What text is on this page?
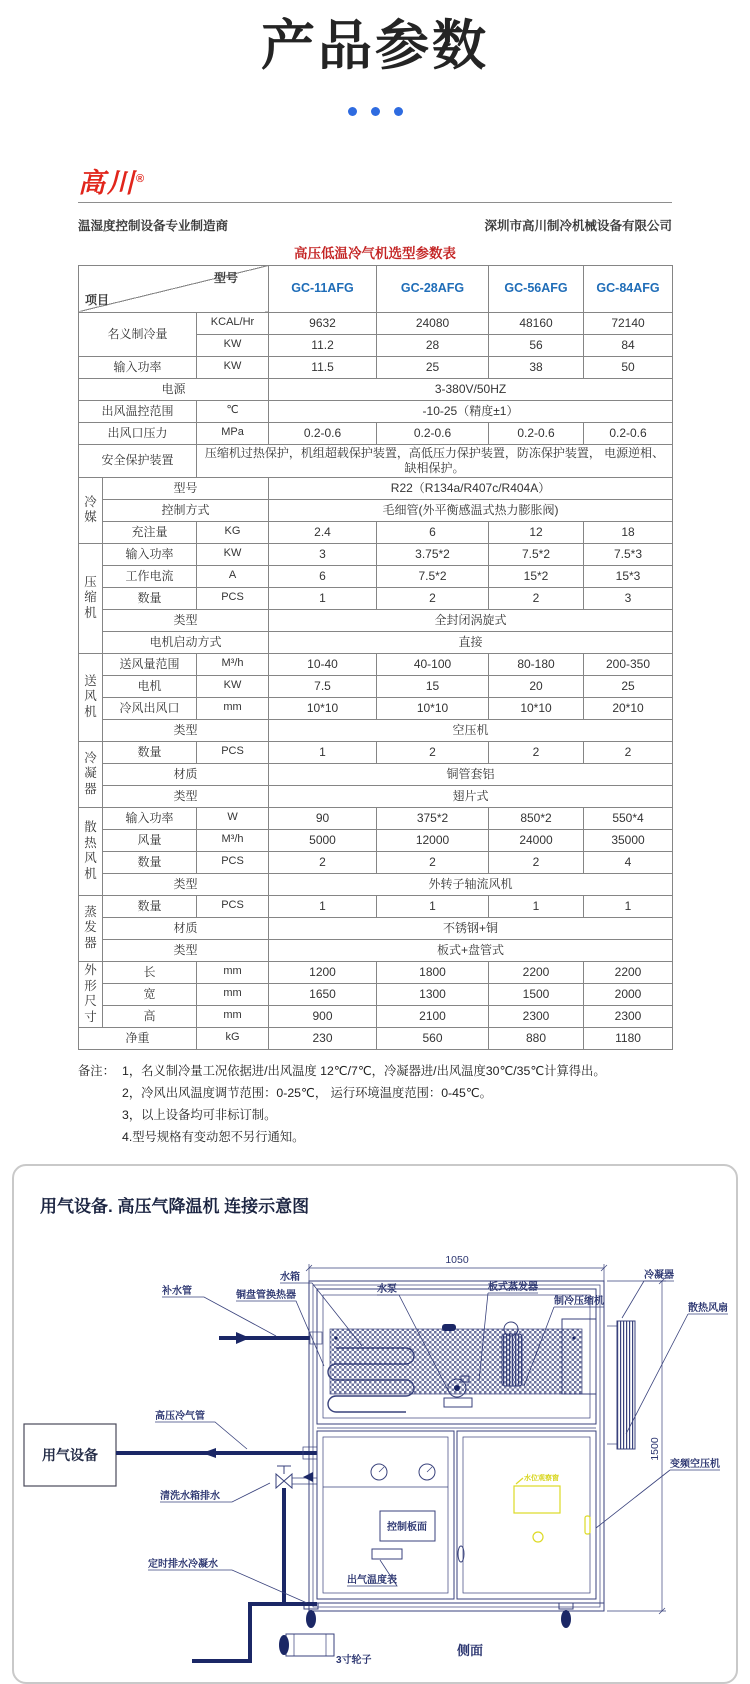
产品参数
高川®
温湿度控制设备专业制造商	深圳市高川制冷机械设备有限公司
高压低温冷气机选型参数表
型号
项目			GC-11AFG	GC-28AFG	GC-56AFG	GC-84AFG
名义制冷量		KCAL/Hr	9632	24080	48160	72140
		KW	11.2	28	56	84
输入功率		KW	11.5	25	38	50
电源			3-380V/50HZ			
出风温控范围		℃	-10-25（精度±1）			
出风口压力		MPa	0.2-0.6	0.2-0.6	0.2-0.6	0.2-0.6
安全保护装置		压缩机过热保护，机组超载保护装置，高低压力保护装置，防冻保护装置， 电源逆相、缺相保护。				
冷媒	型号		R22（R134a/R407c/R404A）			
	控制方式		毛细管(外平衡感温式热力膨胀阀)			
	充注量	KG	2.4	6	12	18
压缩机	输入功率	KW	3	3.75*2	7.5*2	7.5*3
	工作电流	A	6	7.5*2	15*2	15*3
	数量	PCS	1	2	2	3
	类型		全封闭涡旋式			
	电机启动方式		直接			
送风机	送风量范围	M³/h	10-40	40-100	80-180	200-350
	电机	KW	7.5	15	20	25
	冷风出风口	mm	10*10	10*10	10*10	20*10
	类型		空压机			
冷凝器	数量	PCS	1	2	2	2
	材质		铜管套铝			
	类型		翅片式			
散热风机	输入功率	W	90	375*2	850*2	550*4
	风量	M³/h	5000	12000	24000	35000
	数量	PCS	2	2	2	4
	类型		外转子轴流风机			
蒸发器	数量	PCS	1	1	1	1
	材质		不锈钢+铜			
	类型		板式+盘管式			
外形尺寸	长	mm	1200	1800	2200	2200
	宽	mm	1650	1300	1500	2000
	高	mm	900	2100	2300	2300
净重		kG	230	560	880	1180
备注： 1，名义制冷量工况依据进/出风温度 12℃/7℃，冷凝器进/出风温度30℃/35℃计算得出。
2，冷风出风温度调节范围：0-25℃， 运行环境温度范围：0-45℃。
3，以上设备均可非标订制。
4.型号规格有变动恕不另行通知。
用气设备. 高压气降温机 连接示意图
控制板面
出气温度表
水位观察窗
3寸轮子
侧面
用气设备
1050
1500
补水管	铜盘管换热器
水箱
水泵	板式蒸发器
制冷压缩机
冷凝器
散热风扇
高压冷气管
清洗水箱排水
定时排水冷凝水
变频空压机
